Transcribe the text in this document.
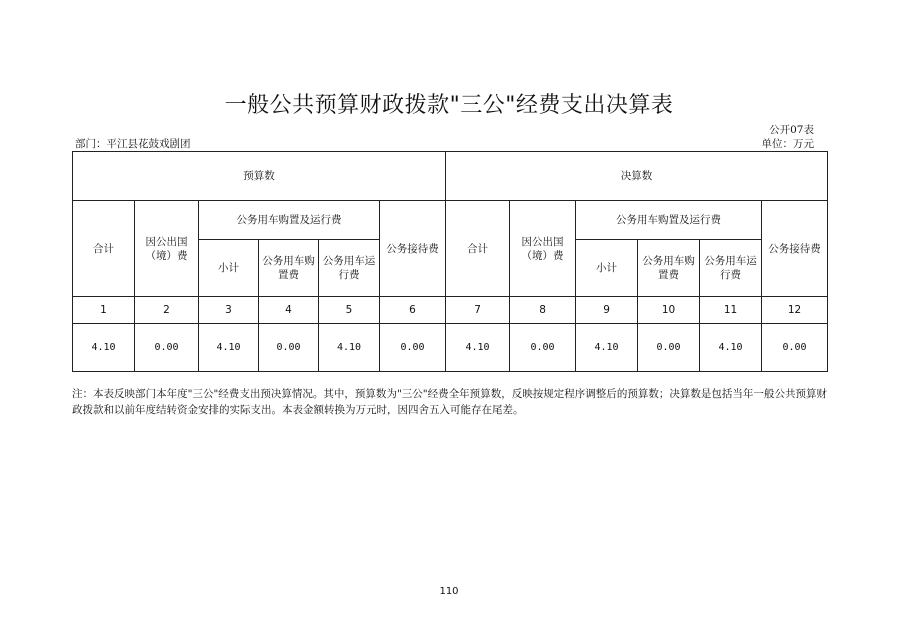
一般公共预算财政拨款"三公"经费支出决算表
公开07表
部门：平江县花鼓戏剧团	单位：万元
预算数						决算数					
合计	因公出国（境）费	公务用车购置及运行费			公务接待费	合计	因公出国（境）费	公务用车购置及运行费			公务接待费
		小计	公务用车购置费	公务用车运行费				小计	公务用车购置费	公务用车运行费	
1	2	3	4	5	6	7	8	9	10	11	12
4.10	0.00	4.10	0.00	4.10	0.00	4.10	0.00	4.10	0.00	4.10	0.00
注：本表反映部门本年度"三公"经费支出预决算情况。其中，预算数为"三公"经费全年预算数，反映按规定程序调整后的预算数；决算数是包括当年一般公共预算财政拨款和以前年度结转资金安排的实际支出。本表金额转换为万元时，因四舍五入可能存在尾差。
110
